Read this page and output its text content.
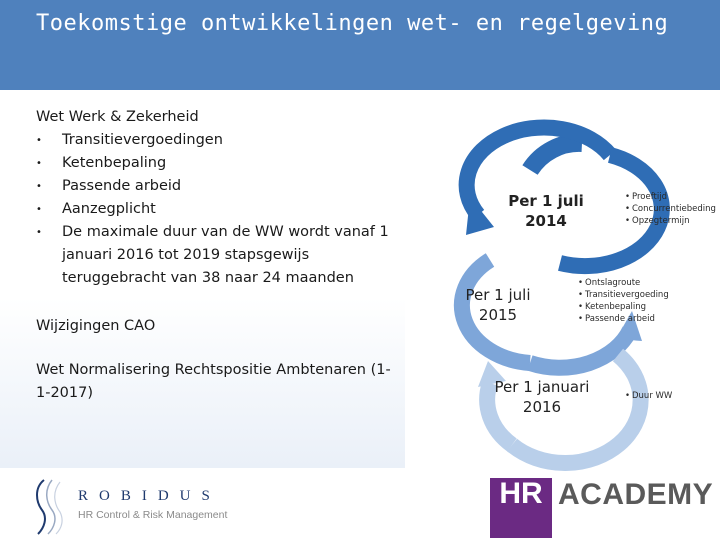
Toekomstige ontwikkelingen wet- en regelgeving

Wet Werk & Zekerheid

• Transitievergoedingen
• Ketenbepaling
• Passende arbeid
• Aanzegplicht
• De maximale duur van de WW wordt vanaf 1 januari 2016 tot 2019 stapsgewijs teruggebracht van 38 naar 24 maanden

Wijzigingen CAO

Wet Normalisering Rechtspositie Ambtenaren (1-1-2017)

Per 1 juli 2014
• Proeftijd
• Concurrentiebeding
• Opzegtermijn
Per 1 juli 2015
• Ontslagroute
• Transitievergoeding
• Ketenbepaling
• Passende arbeid
Per 1 januari 2016
• Duur WW
ROBIDUS
HR Control & Risk Management
HR ACADEMY
